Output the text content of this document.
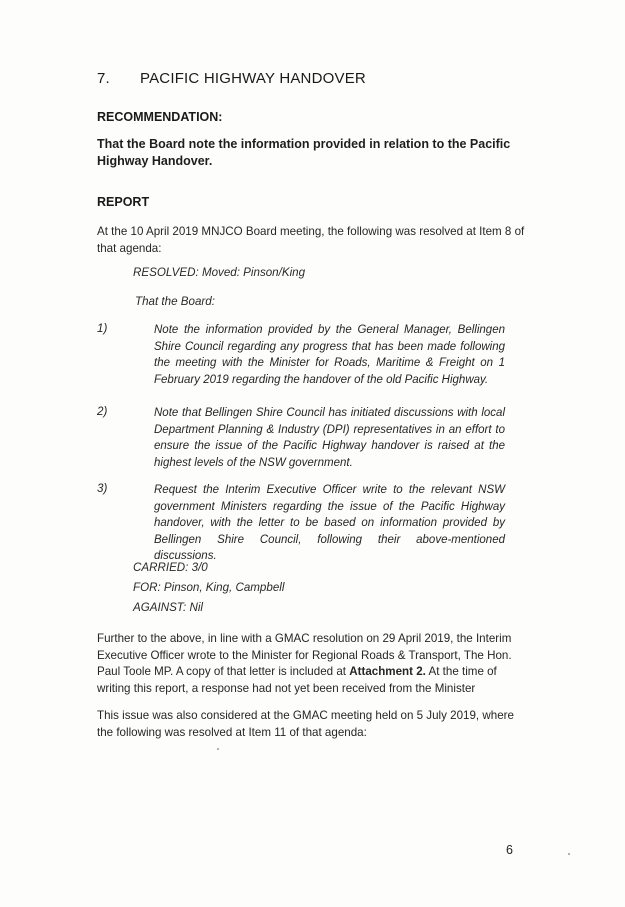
7. PACIFIC HIGHWAY HANDOVER
RECOMMENDATION:
That the Board note the information provided in relation to the Pacific Highway Handover.
REPORT
At the 10 April 2019 MNJCO Board meeting, the following was resolved at Item 8 of that agenda:
RESOLVED: Moved: Pinson/King
That the Board:
1)	Note the information provided by the General Manager, Bellingen Shire Council regarding any progress that has been made following the meeting with the Minister for Roads, Maritime & Freight on 1 February 2019 regarding the handover of the old Pacific Highway.
2)	Note that Bellingen Shire Council has initiated discussions with local Department Planning & Industry (DPI) representatives in an effort to ensure the issue of the Pacific Highway handover is raised at the highest levels of the NSW government.
3)	Request the Interim Executive Officer write to the relevant NSW government Ministers regarding the issue of the Pacific Highway handover, with the letter to be based on information provided by Bellingen Shire Council, following their above-mentioned discussions.
CARRIED: 3/0
FOR: Pinson, King, Campbell
AGAINST: Nil
Further to the above, in line with a GMAC resolution on 29 April 2019, the Interim Executive Officer wrote to the Minister for Regional Roads & Transport, The Hon. Paul Toole MP. A copy of that letter is included at Attachment 2. At the time of writing this report, a response had not yet been received from the Minister
This issue was also considered at the GMAC meeting held on 5 July 2019, where the following was resolved at Item 11 of that agenda:
6
